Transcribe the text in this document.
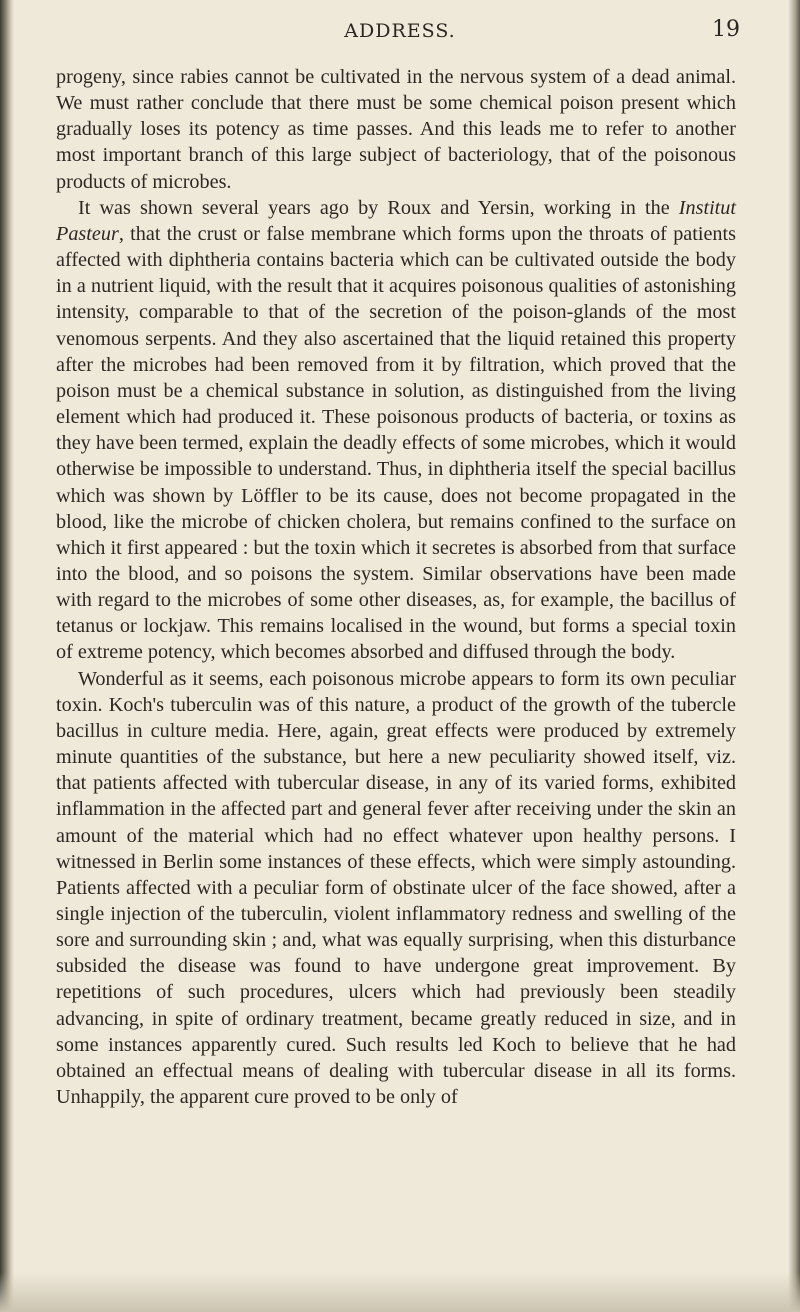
ADDRESS.	19

progeny, since rabies cannot be cultivated in the nervous system of a dead animal. We must rather conclude that there must be some chemical poison present which gradually loses its potency as time passes. And this leads me to refer to another most important branch of this large subject of bacteriology, that of the poisonous products of microbes.

It was shown several years ago by Roux and Yersin, working in the Institut Pasteur, that the crust or false membrane which forms upon the throats of patients affected with diphtheria contains bacteria which can be cultivated outside the body in a nutrient liquid, with the result that it acquires poisonous qualities of astonishing intensity, comparable to that of the secretion of the poison-glands of the most venomous serpents. And they also ascertained that the liquid retained this property after the microbes had been removed from it by filtration, which proved that the poison must be a chemical substance in solution, as distinguished from the living element which had produced it. These poisonous products of bacteria, or toxins as they have been termed, explain the deadly effects of some microbes, which it would otherwise be impossible to understand. Thus, in diphtheria itself the special bacillus which was shown by Löffler to be its cause, does not become propagated in the blood, like the microbe of chicken cholera, but remains confined to the surface on which it first appeared : but the toxin which it secretes is absorbed from that surface into the blood, and so poisons the system. Similar observations have been made with regard to the microbes of some other diseases, as, for example, the bacillus of tetanus or lockjaw. This remains localised in the wound, but forms a special toxin of extreme potency, which becomes absorbed and diffused through the body.

Wonderful as it seems, each poisonous microbe appears to form its own peculiar toxin. Koch's tuberculin was of this nature, a product of the growth of the tubercle bacillus in culture media. Here, again, great effects were produced by extremely minute quantities of the substance, but here a new peculiarity showed itself, viz. that patients affected with tubercular disease, in any of its varied forms, exhibited inflammation in the affected part and general fever after receiving under the skin an amount of the material which had no effect whatever upon healthy persons. I witnessed in Berlin some instances of these effects, which were simply astounding. Patients affected with a peculiar form of obstinate ulcer of the face showed, after a single injection of the tuberculin, violent inflammatory redness and swelling of the sore and surrounding skin ; and, what was equally surprising, when this disturbance subsided the disease was found to have undergone great improvement. By repetitions of such procedures, ulcers which had previously been steadily advancing, in spite of ordinary treatment, became greatly reduced in size, and in some instances apparently cured. Such results led Koch to believe that he had obtained an effectual means of dealing with tubercular disease in all its forms. Unhappily, the apparent cure proved to be only of
